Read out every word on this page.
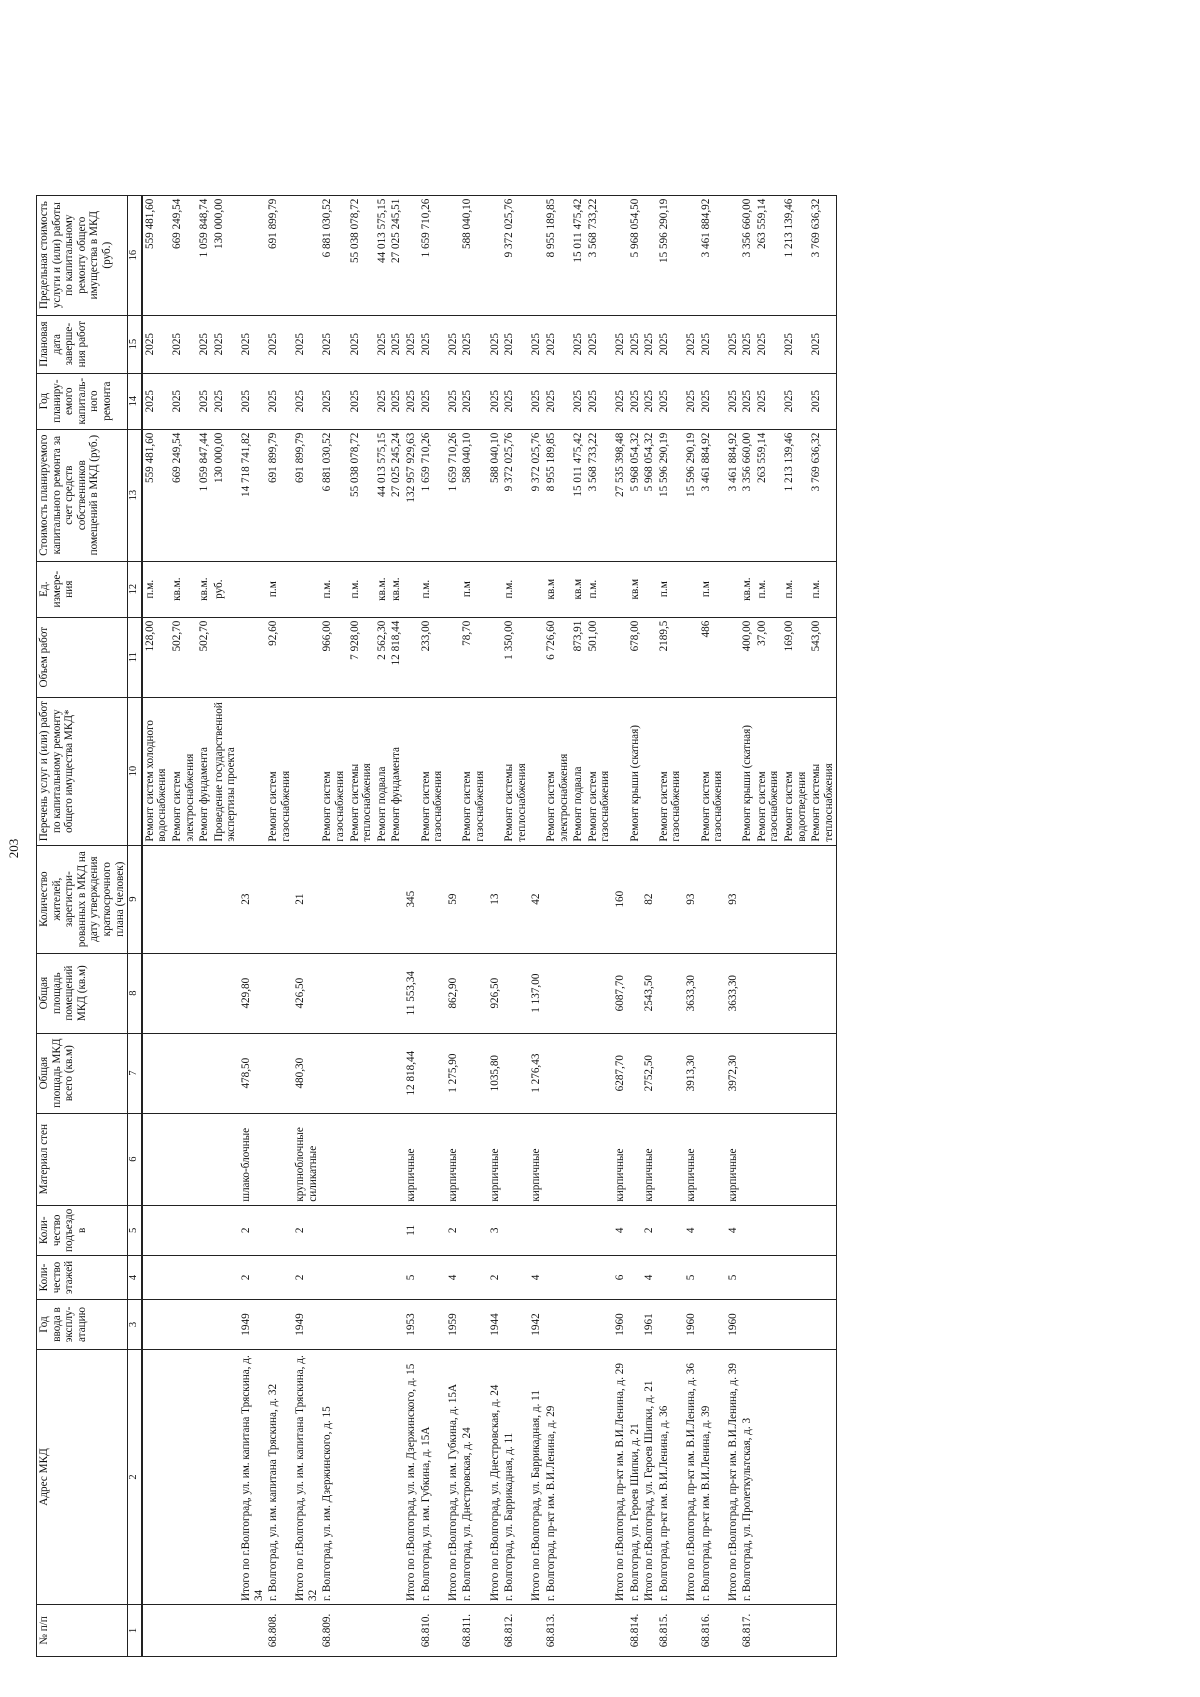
203
№ п/п	Адрес МКД	Год ввода в эксплу-атацию	Коли-чество этажей	Коли-чество подъездо в	Материал стен	Общая площадь МКД всего (кв.м)	Общая площадь помещений МКД (кв.м)	Количество жителей, зарегистри-рованных в МКД на дату утверждения краткосрочного плана (человек)	Перечень услуг и (или) работ по капитальному ремонту общего имущества МКД*	Объем работ	Ед. измере-ния	Стоимость планируемого капитального ремонта за счет средств собственников помещений в МКД (руб.)	Год планиру-емого капиталь-ного ремонта	Плановая дата заверше-ния работ	Предельная стоимость услуги и (или) работы по капитальному ремонту общего имущества в МКД (руб.)
1	2	3	4	5	6	7	8	9	10	11	12	13	14	15	16
									Ремонт систем холодного водоснабжения	128,00	п.м.	559 481,60	2025	2025	559 481,60
									Ремонт систем электроснабжения	502,70	кв.м.	669 249,54	2025	2025	669 249,54
									Ремонт фундамента	502,70	кв.м.	1 059 847,44	2025	2025	1 059 848,74
									Проведение государственной экспертизы проекта		руб.	130 000,00	2025	2025	130 000,00
	Итого по г.Волгоград, ул. им. капитана Тряскина, д. 34	1949	2	2	шлако-блочные	478,50	429,80	23				14 718 741,82	2025	2025	
68.808.	г. Волгоград, ул. им. капитана Тряскина, д. 32								Ремонт систем газоснабжения	92,60	п.м	691 899,79	2025	2025	691 899,79
	Итого по г.Волгоград, ул. им. капитана Тряскина, д. 32	1949	2	2	крупноблочные силикатные	480,30	426,50	21				691 899,79	2025	2025	
68.809.	г. Волгоград, ул. им. Дзержинского, д. 15								Ремонт систем газоснабжения	966,00	п.м.	6 881 030,52	2025	2025	6 881 030,52
									Ремонт системы теплоснабжения	7 928,00	п.м.	55 038 078,72	2025	2025	55 038 078,72
									Ремонт подвала	2 562,30	кв.м.	44 013 575,15	2025	2025	44 013 575,15
									Ремонт фундамента	12 818,44	кв.м.	27 025 245,24	2025	2025	27 025 245,51
	Итого по г.Волгоград, ул. им. Дзержинского, д. 15	1953	5	11	кирпичные	12 818,44	11 553,34	345				132 957 929,63	2025	2025	
68.810.	г. Волгоград, ул. им. Губкина, д. 15А								Ремонт систем газоснабжения	233,00	п.м.	1 659 710,26	2025	2025	1 659 710,26
	Итого по г.Волгоград, ул. им. Губкина, д. 15А	1959	4	2	кирпичные	1 275,90	862,90	59				1 659 710,26	2025	2025	
68.811.	г. Волгоград, ул. Днестровская, д. 24								Ремонт систем газоснабжения	78,70	п.м	588 040,10	2025	2025	588 040,10
	Итого по г.Волгоград, ул. Днестровская, д. 24	1944	2	3	кирпичные	1035,80	926,50	13				588 040,10	2025	2025	
68.812.	г. Волгоград, ул. Баррикадная, д. 11								Ремонт системы теплоснабжения	1 350,00	п.м.	9 372 025,76	2025	2025	9 372 025,76
	Итого по г.Волгоград, ул. Баррикадная, д. 11	1942	4		кирпичные	1 276,43	1 137,00	42				9 372 025,76	2025	2025	
68.813.	г. Волгоград, пр-кт им. В.И.Ленина, д. 29								Ремонт систем электроснабжения	6 726,60	кв.м	8 955 189,85	2025	2025	8 955 189,85
									Ремонт подвала	873,91	кв.м	15 011 475,42	2025	2025	15 011 475,42
									Ремонт систем газоснабжения	501,00	п.м.	3 568 733,22	2025	2025	3 568 733,22
	Итого по г.Волгоград, пр-кт им. В.И.Ленина, д. 29	1960	6	4	кирпичные	6287,70	6087,70	160				27 535 398,48	2025	2025	
68.814.	г. Волгоград, ул. Героев Шипки, д. 21								Ремонт крыши (скатная)	678,00	кв.м	5 968 054,32	2025	2025	5 968 054,50
	Итого по г.Волгоград, ул. Героев Шипки, д. 21	1961	4	2	кирпичные	2752,50	2543,50	82				5 968 054,32	2025	2025	
68.815.	г. Волгоград, пр-кт им. В.И.Ленина, д. 36								Ремонт систем газоснабжения	2189,5	п.м	15 596 290,19	2025	2025	15 596 290,19
	Итого по г.Волгоград, пр-кт им. В.И.Ленина, д. 36	1960	5	4	кирпичные	3913,30	3633,30	93				15 596 290,19	2025	2025	
68.816.	г. Волгоград, пр-кт им. В.И.Ленина, д. 39								Ремонт систем газоснабжения	486	п.м	3 461 884,92	2025	2025	3 461 884,92
	Итого по г.Волгоград, пр-кт им. В.И.Ленина, д. 39	1960	5	4	кирпичные	3972,30	3633,30	93				3 461 884,92	2025	2025	
68.817.	г. Волгоград, ул. Пролеткультская, д. 3								Ремонт крыши (скатная)	400,00	кв.м.	3 356 660,00	2025	2025	3 356 660,00
									Ремонт систем газоснабжения	37,00	п.м.	263 559,14	2025	2025	263 559,14
									Ремонт систем водоотведения	169,00	п.м.	1 213 139,46	2025	2025	1 213 139,46
									Ремонт системы теплоснабжения	543,00	п.м.	3 769 636,32	2025	2025	3 769 636,32
